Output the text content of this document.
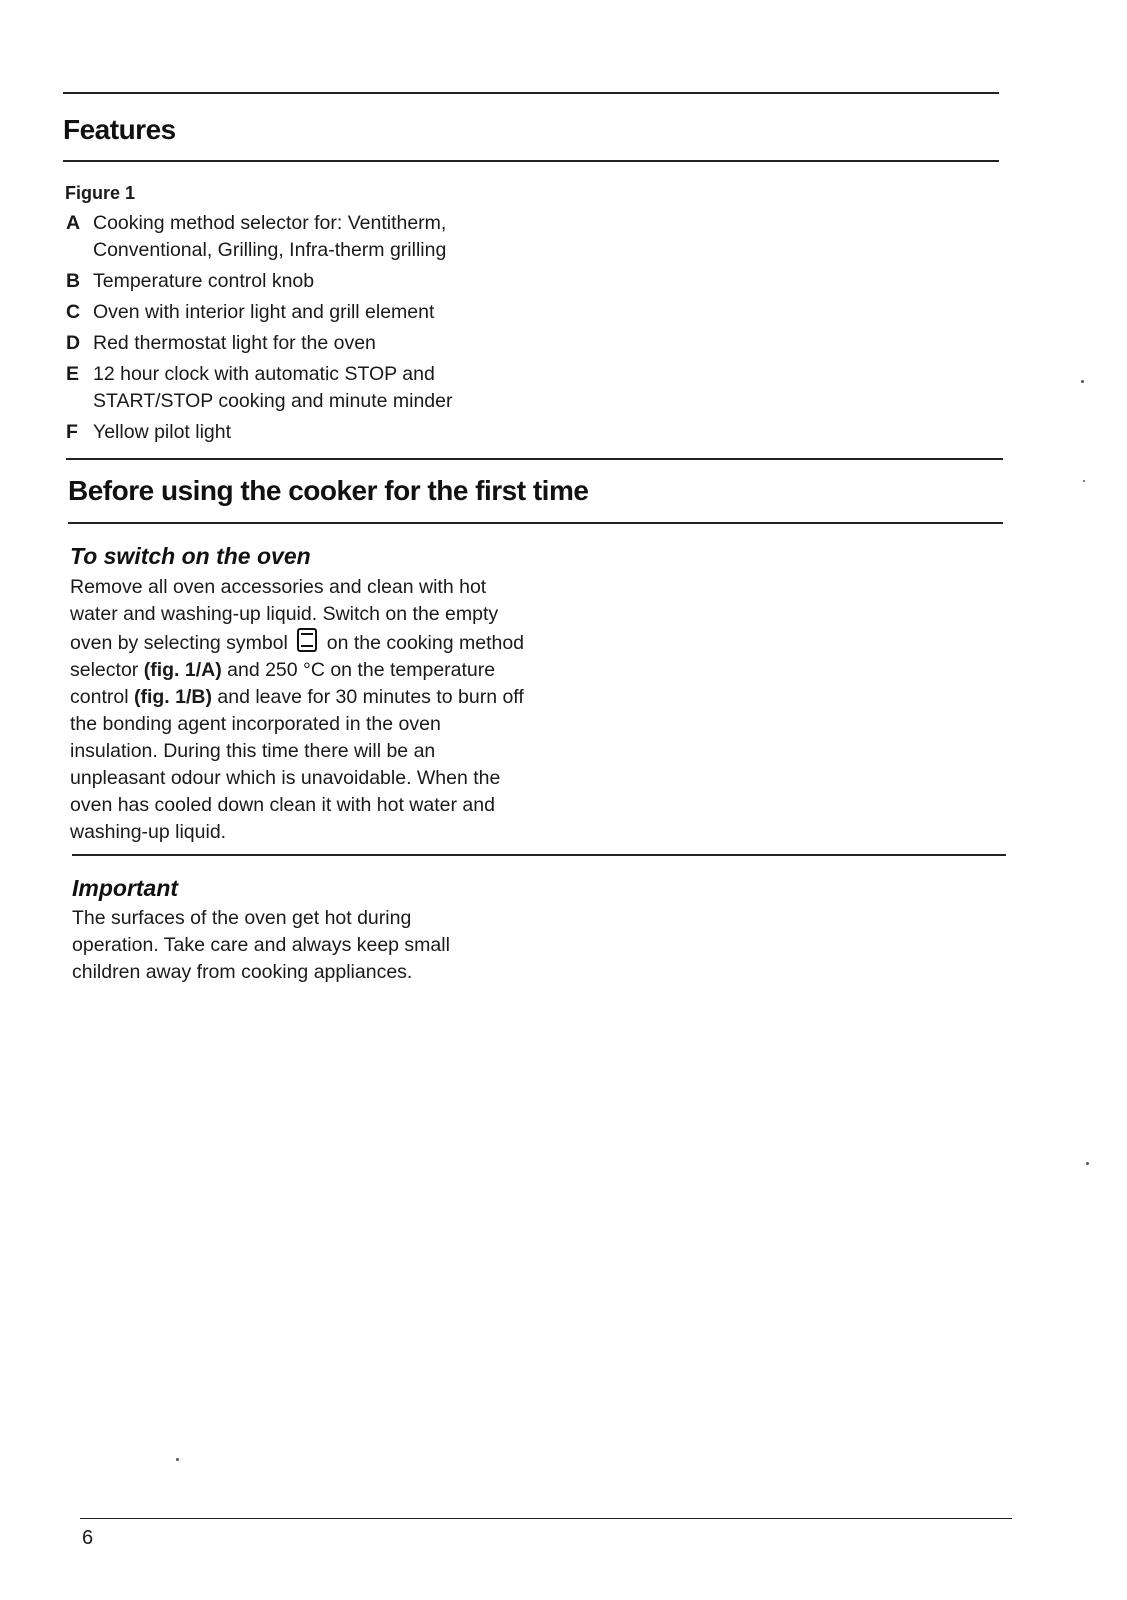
Features
Figure 1
A Cooking method selector for: Ventitherm, Conventional, Grilling, Infra-therm grilling
B Temperature control knob
C Oven with interior light and grill element
D Red thermostat light for the oven
E 12 hour clock with automatic STOP and START/STOP cooking and minute minder
F Yellow pilot light
Before using the cooker for the first time
To switch on the oven

Remove all oven accessories and clean with hot water and washing-up liquid. Switch on the empty oven by selecting symbol on the cooking method selector (fig. 1/A) and 250 °C on the temperature control (fig. 1/B) and leave for 30 minutes to burn off the bonding agent incorporated in the oven insulation. During this time there will be an unpleasant odour which is unavoidable. When the oven has cooled down clean it with hot water and washing-up liquid.

Important

The surfaces of the oven get hot during operation. Take care and always keep small children away from cooking appliances.

6
